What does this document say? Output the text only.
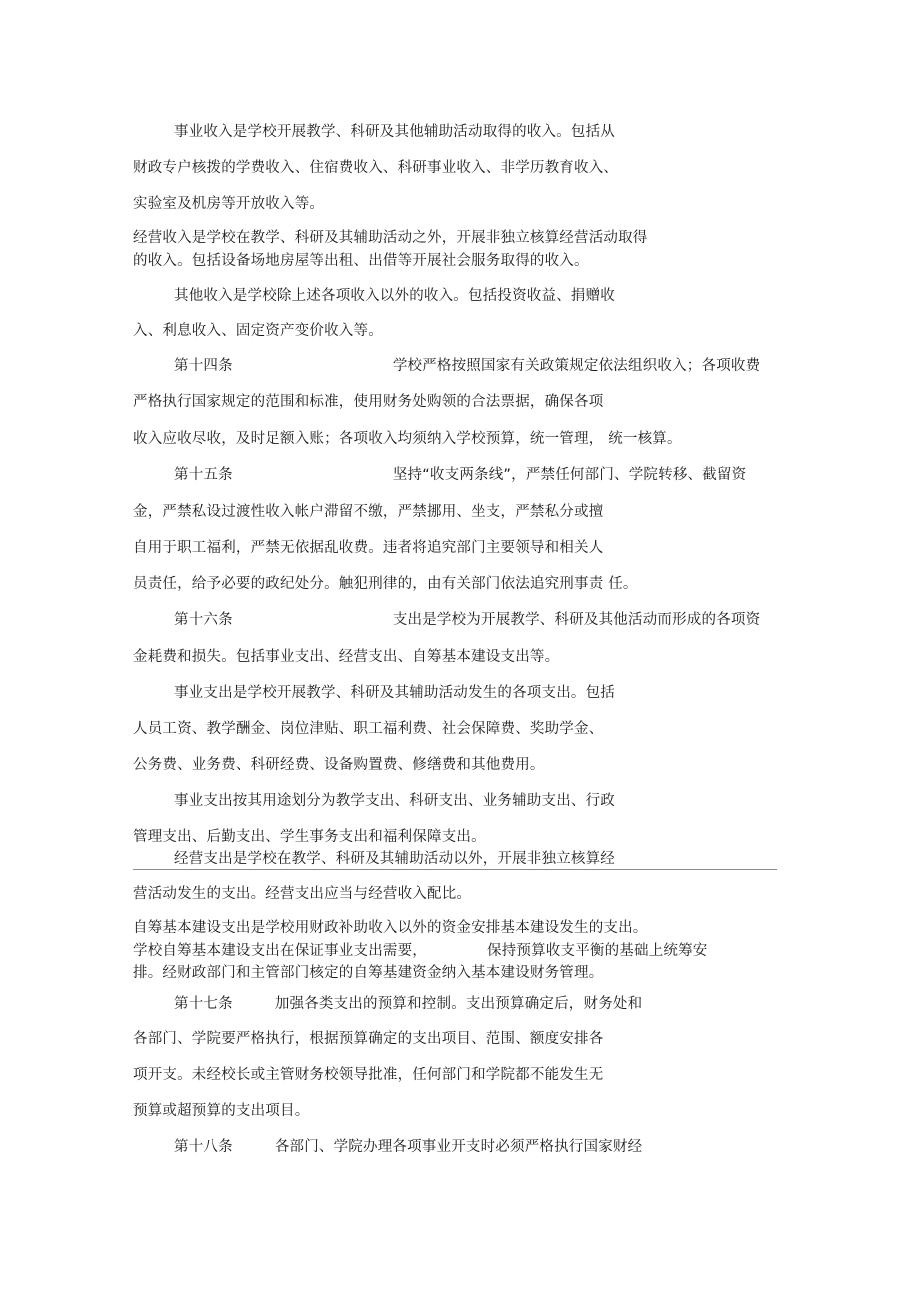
事业收入是学校开展教学、科研及其他辅助活动取得的收入。包括从

财政专户核拨的学费收入、住宿费收入、科研事业收入、非学历教育收入、

实验室及机房等开放收入等。

经营收入是学校在教学、科研及其辅助活动之外，开展非独立核算经营活动取得

的收入。包括设备场地房屋等出租、出借等开展社会服务取得的收入。

其他收入是学校除上述各项收入以外的收入。包括投资收益、捐赠收

入、利息收入、固定资产变价收入等。

第十四条	学校严格按照国家有关政策规定依法组织收入；各项收费

严格执行国家规定的范围和标准，使用财务处购领的合法票据，确保各项

收入应收尽收，及时足额入账；各项收入均须纳入学校预算，统一管理， 统一核算。

第十五条	坚持“收支两条线”，严禁任何部门、学院转移、截留资

金，严禁私设过渡性收入帐户滞留不缴，严禁挪用、坐支，严禁私分或擅

自用于职工福利，严禁无依据乱收费。违者将追究部门主要领导和相关人

员责任，给予必要的政纪处分。触犯刑律的，由有关部门依法追究刑事责 任。

第十六条	支出是学校为开展教学、科研及其他活动而形成的各项资

金耗费和损失。包括事业支出、经营支出、自筹基本建设支出等。

事业支出是学校开展教学、科研及其辅助活动发生的各项支出。包括

人员工资、教学酬金、岗位津贴、职工福利费、社会保障费、奖助学金、

公务费、业务费、科研经费、设备购置费、修缮费和其他费用。

事业支出按其用途划分为教学支出、科研支出、业务辅助支出、行政

管理支出、后勤支出、学生事务支出和福利保障支出。

经营支出是学校在教学、科研及其辅助活动以外，开展非独立核算经

营活动发生的支出。经营支出应当与经营收入配比。

自筹基本建设支出是学校用财政补助收入以外的资金安排基本建设发生的支出。

学校自筹基本建设支出在保证事业支出需要，	保持预算收支平衡的基础上统筹安

排。经财政部门和主管部门核定的自筹基建资金纳入基本建设财务管理。

第十七条	加强各类支出的预算和控制。支出预算确定后，财务处和

各部门、学院要严格执行，根据预算确定的支出项目、范围、额度安排各

项开支。未经校长或主管财务校领导批准，任何部门和学院都不能发生无

预算或超预算的支出项目。

第十八条	各部门、学院办理各项事业开支时必须严格执行国家财经
